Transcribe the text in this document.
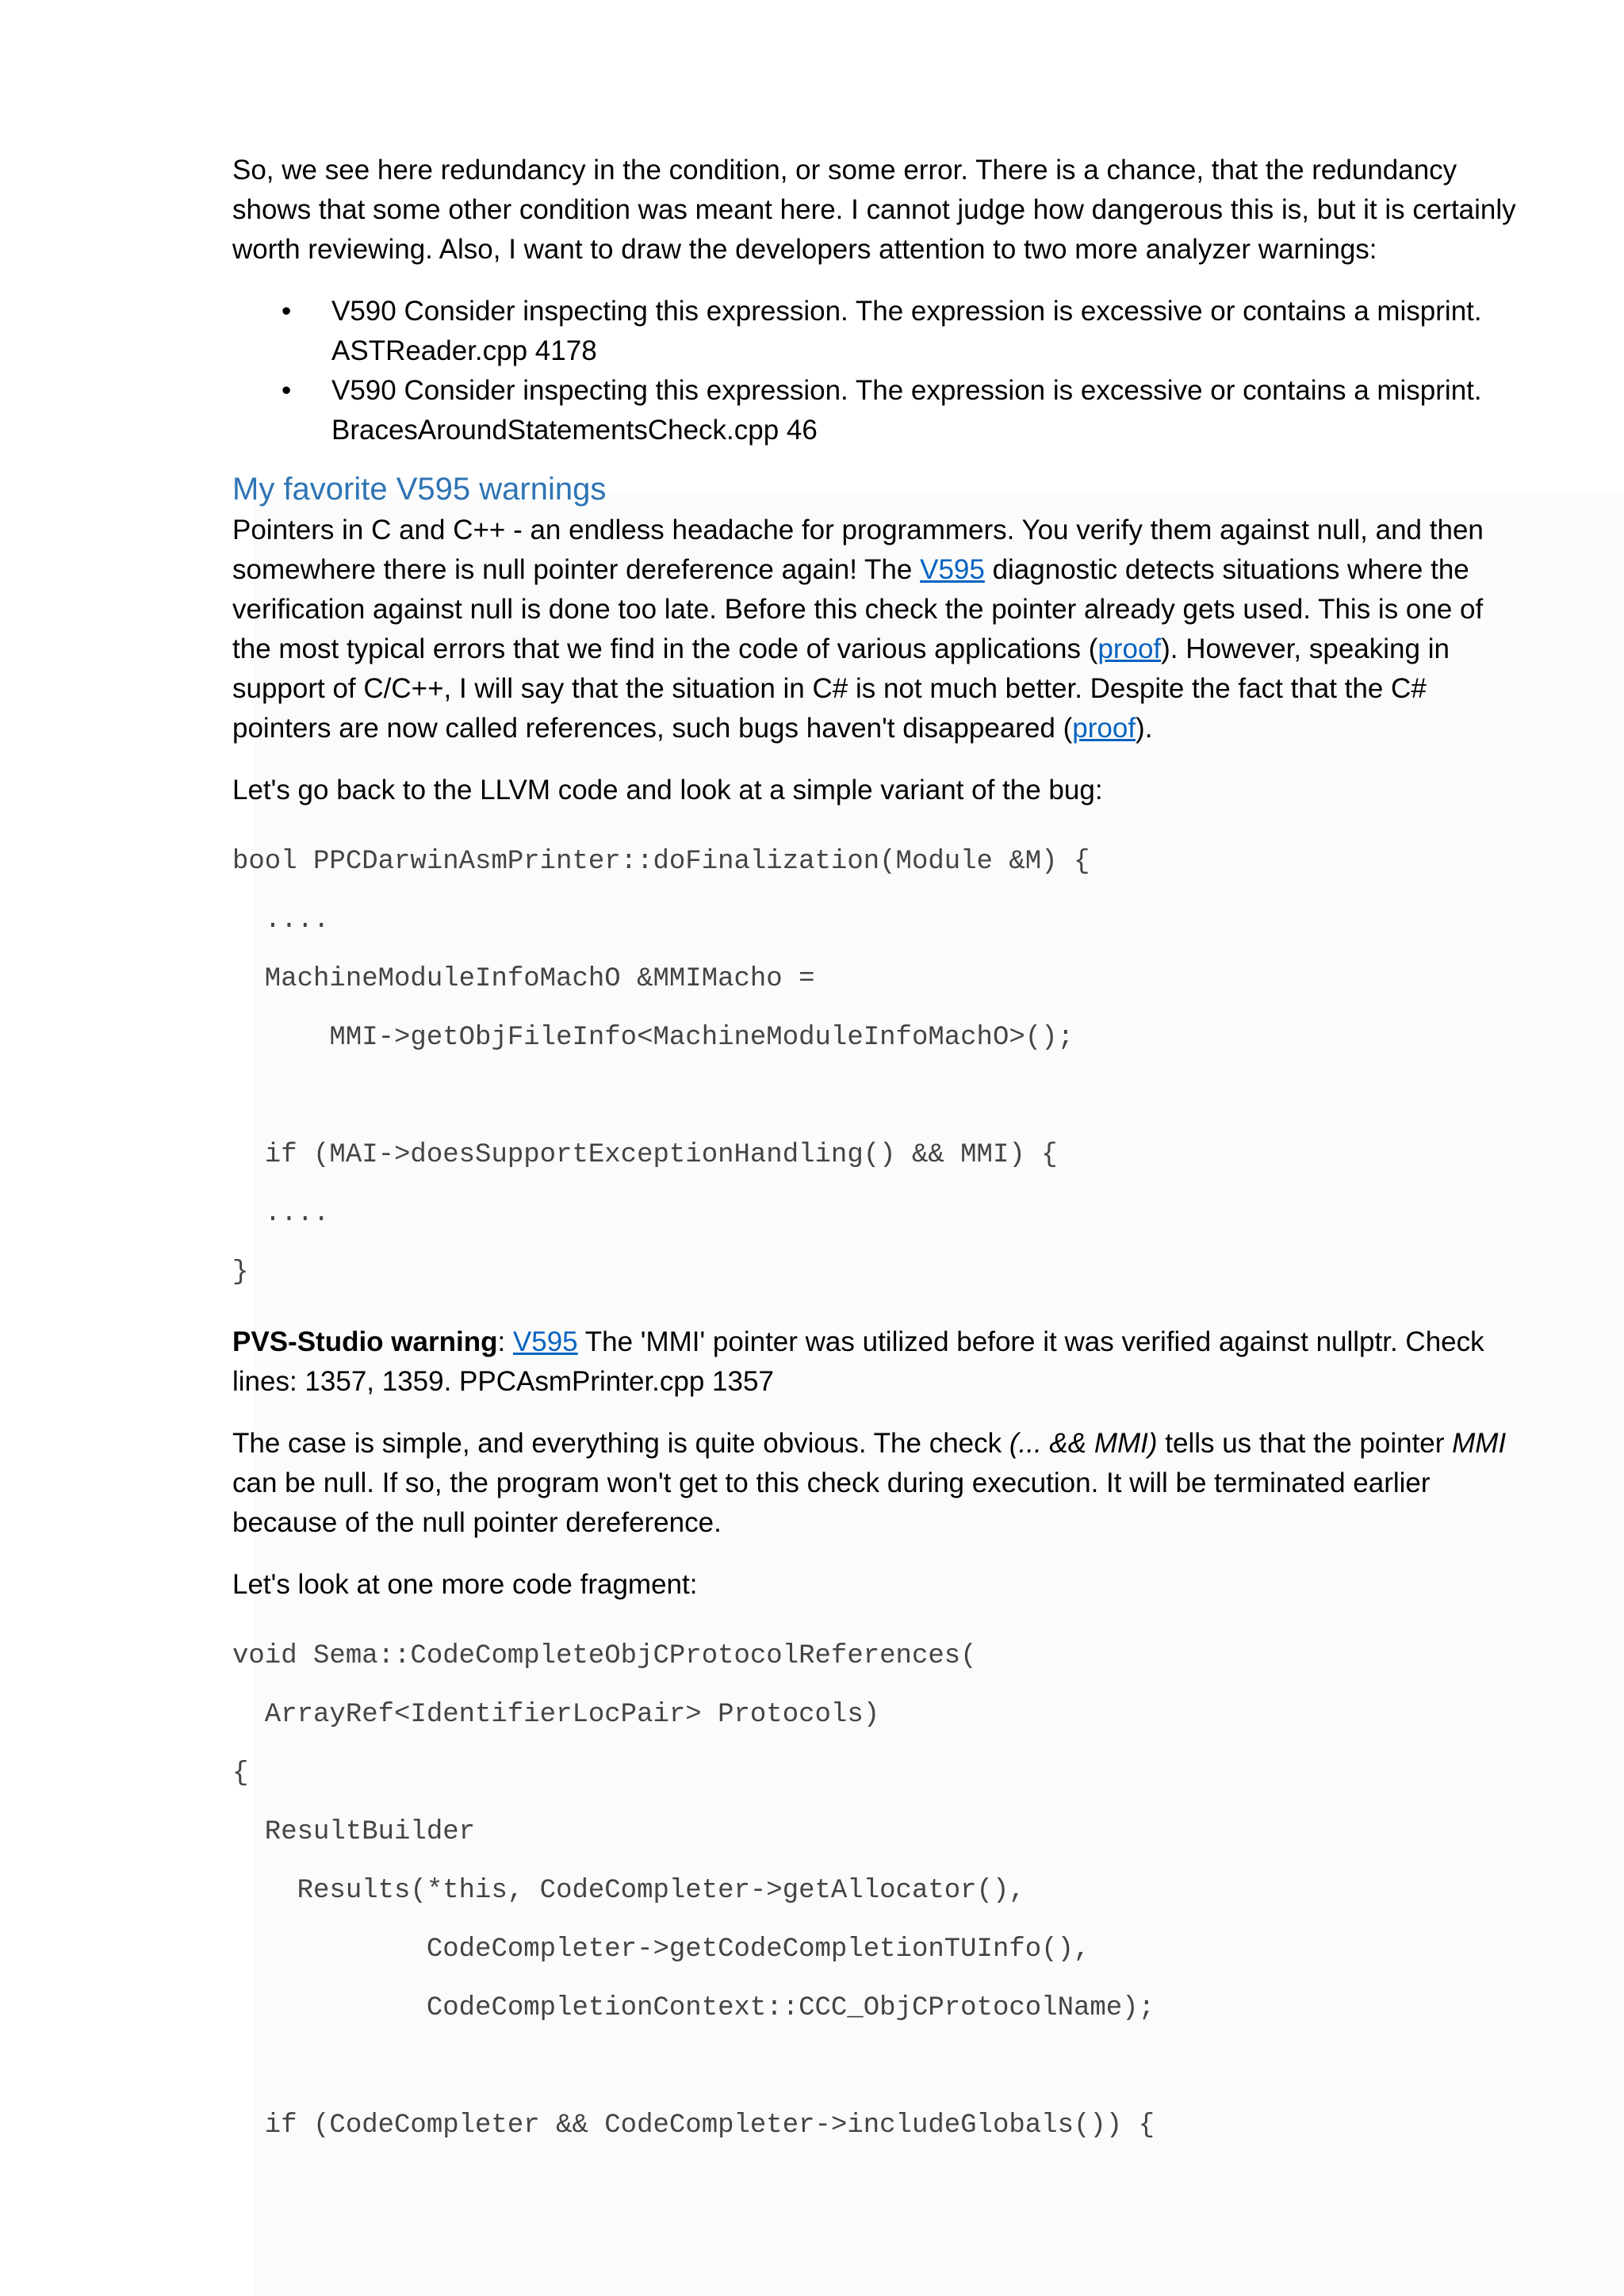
So, we see here redundancy in the condition, or some error. There is a chance, that the redundancy shows that some other condition was meant here. I cannot judge how dangerous this is, but it is certainly worth reviewing. Also, I want to draw the developers attention to two more analyzer warnings:

• V590 Consider inspecting this expression. The expression is excessive or contains a misprint. ASTReader.cpp 4178
• V590 Consider inspecting this expression. The expression is excessive or contains a misprint. BracesAroundStatementsCheck.cpp 46
My favorite V595 warnings

Pointers in C and C++ - an endless headache for programmers. You verify them against null, and then somewhere there is null pointer dereference again! The V595 diagnostic detects situations where the verification against null is done too late. Before this check the pointer already gets used. This is one of the most typical errors that we find in the code of various applications (proof). However, speaking in support of C/C++, I will say that the situation in C# is not much better. Despite the fact that the C# pointers are now called references, such bugs haven't disappeared (proof).

Let's go back to the LLVM code and look at a simple variant of the bug:

bool PPCDarwinAsmPrinter::doFinalization(Module &M) {
....
MachineModuleInfoMachO &MMIMacho =
MMI->getObjFileInfo<MachineModuleInfoMachO>();
if (MAI->doesSupportExceptionHandling() && MMI) {
....
}

PVS-Studio warning: V595 The 'MMI' pointer was utilized before it was verified against nullptr. Check lines: 1357, 1359. PPCAsmPrinter.cpp 1357

The case is simple, and everything is quite obvious. The check (... && MMI) tells us that the pointer MMI can be null. If so, the program won't get to this check during execution. It will be terminated earlier because of the null pointer dereference.

Let's look at one more code fragment:

void Sema::CodeCompleteObjCProtocolReferences(
ArrayRef<IdentifierLocPair> Protocols)
{
ResultBuilder
Results(*this, CodeCompleter->getAllocator(),
CodeCompleter->getCodeCompletionTUInfo(),
CodeCompletionContext::CCC_ObjCProtocolName);
if (CodeCompleter && CodeCompleter->includeGlobals()) {
